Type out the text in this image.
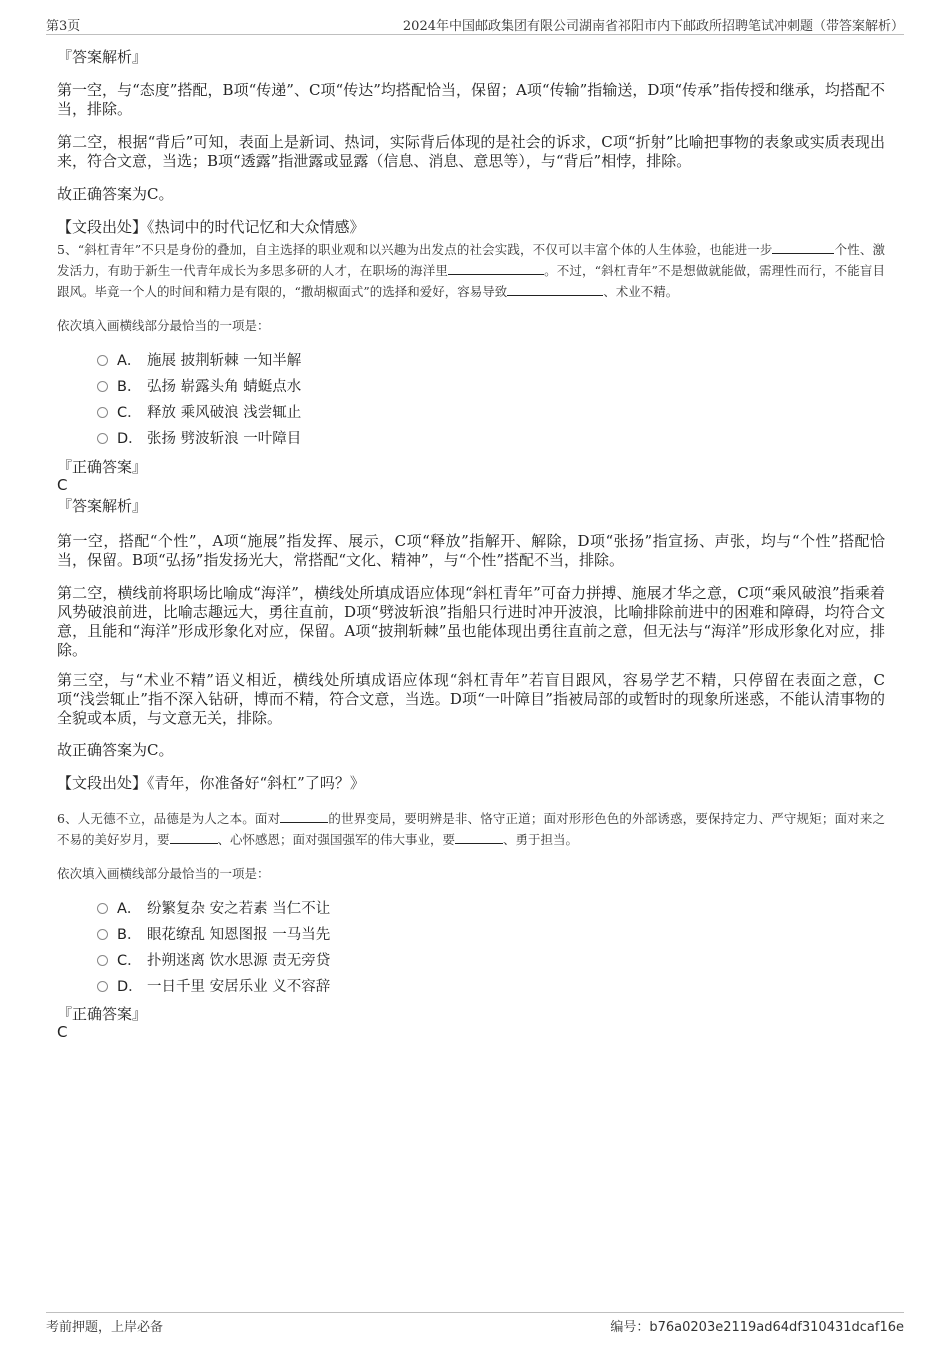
第3页	2024年中国邮政集团有限公司湖南省祁阳市内下邮政所招聘笔试冲刺题（带答案解析）
『答案解析』
第一空，与“态度”搭配，B项“传递”、C项“传达”均搭配恰当，保留；A项“传输”指输送，D项“传承”指传授和继承，均搭配不当，排除。
第二空，根据“背后”可知，表面上是新词、热词，实际背后体现的是社会的诉求，C项“折射”比喻把事物的表象或实质表现出来，符合文意，当选；B项“透露”指泄露或显露（信息、消息、意思等），与“背后”相悖，排除。
故正确答案为C。
【文段出处】《热词中的时代记忆和大众情感》
5、“斜杠青年”不只是身份的叠加，自主选择的职业观和以兴趣为出发点的社会实践，不仅可以丰富个体的人生体验，也能进一步	个性、激发活力，有助于新生一代青年成长为多思多研的人才，在职场的海洋里	。不过，“斜杠青年”不是想做就能做，需理性而行，不能盲目跟风。毕竟一个人的时间和精力是有限的，“撒胡椒面式”的选择和爱好，容易导致	、术业不精。
依次填入画横线部分最恰当的一项是：
A． 施展 披荆斩棘 一知半解
B． 弘扬 崭露头角 蜻蜓点水
C． 释放 乘风破浪 浅尝辄止
D． 张扬 劈波斩浪 一叶障目
『正确答案』
C
『答案解析』
第一空，搭配“个性”，A项“施展”指发挥、展示，C项“释放”指解开、解除，D项“张扬”指宣扬、声张，均与“个性”搭配恰当，保留。B项“弘扬”指发扬光大，常搭配“文化、精神”，与“个性”搭配不当，排除。
第二空，横线前将职场比喻成“海洋”，横线处所填成语应体现“斜杠青年”可奋力拼搏、施展才华之意，C项“乘风破浪”指乘着风势破浪前进，比喻志趣远大，勇往直前，D项“劈波斩浪”指船只行进时冲开波浪，比喻排除前进中的困难和障碍，均符合文意，且能和“海洋”形成形象化对应，保留。A项“披荆斩棘”虽也能体现出勇往直前之意，但无法与“海洋”形成形象化对应，排除。
第三空，与“术业不精”语义相近，横线处所填成语应体现“斜杠青年”若盲目跟风，容易学艺不精，只停留在表面之意，C项“浅尝辄止”指不深入钻研，博而不精，符合文意，当选。D项“一叶障目”指被局部的或暂时的现象所迷惑，不能认清事物的全貌或本质，与文意无关，排除。
故正确答案为C。
【文段出处】《青年，你准备好“斜杠”了吗？》
6、人无德不立，品德是为人之本。面对	的世界变局，要明辨是非、恪守正道；面对形形色色的外部诱惑，要保持定力、严守规矩；面对来之不易的美好岁月，要	、心怀感恩；面对强国强军的伟大事业，要	、勇于担当。
依次填入画横线部分最恰当的一项是：
A． 纷繁复杂 安之若素 当仁不让
B． 眼花缭乱 知恩图报 一马当先
C． 扑朔迷离 饮水思源 责无旁贷
D． 一日千里 安居乐业 义不容辞
『正确答案』
C
考前押题，上岸必备	编号：b76a0203e2119ad64df310431dcaf16e
